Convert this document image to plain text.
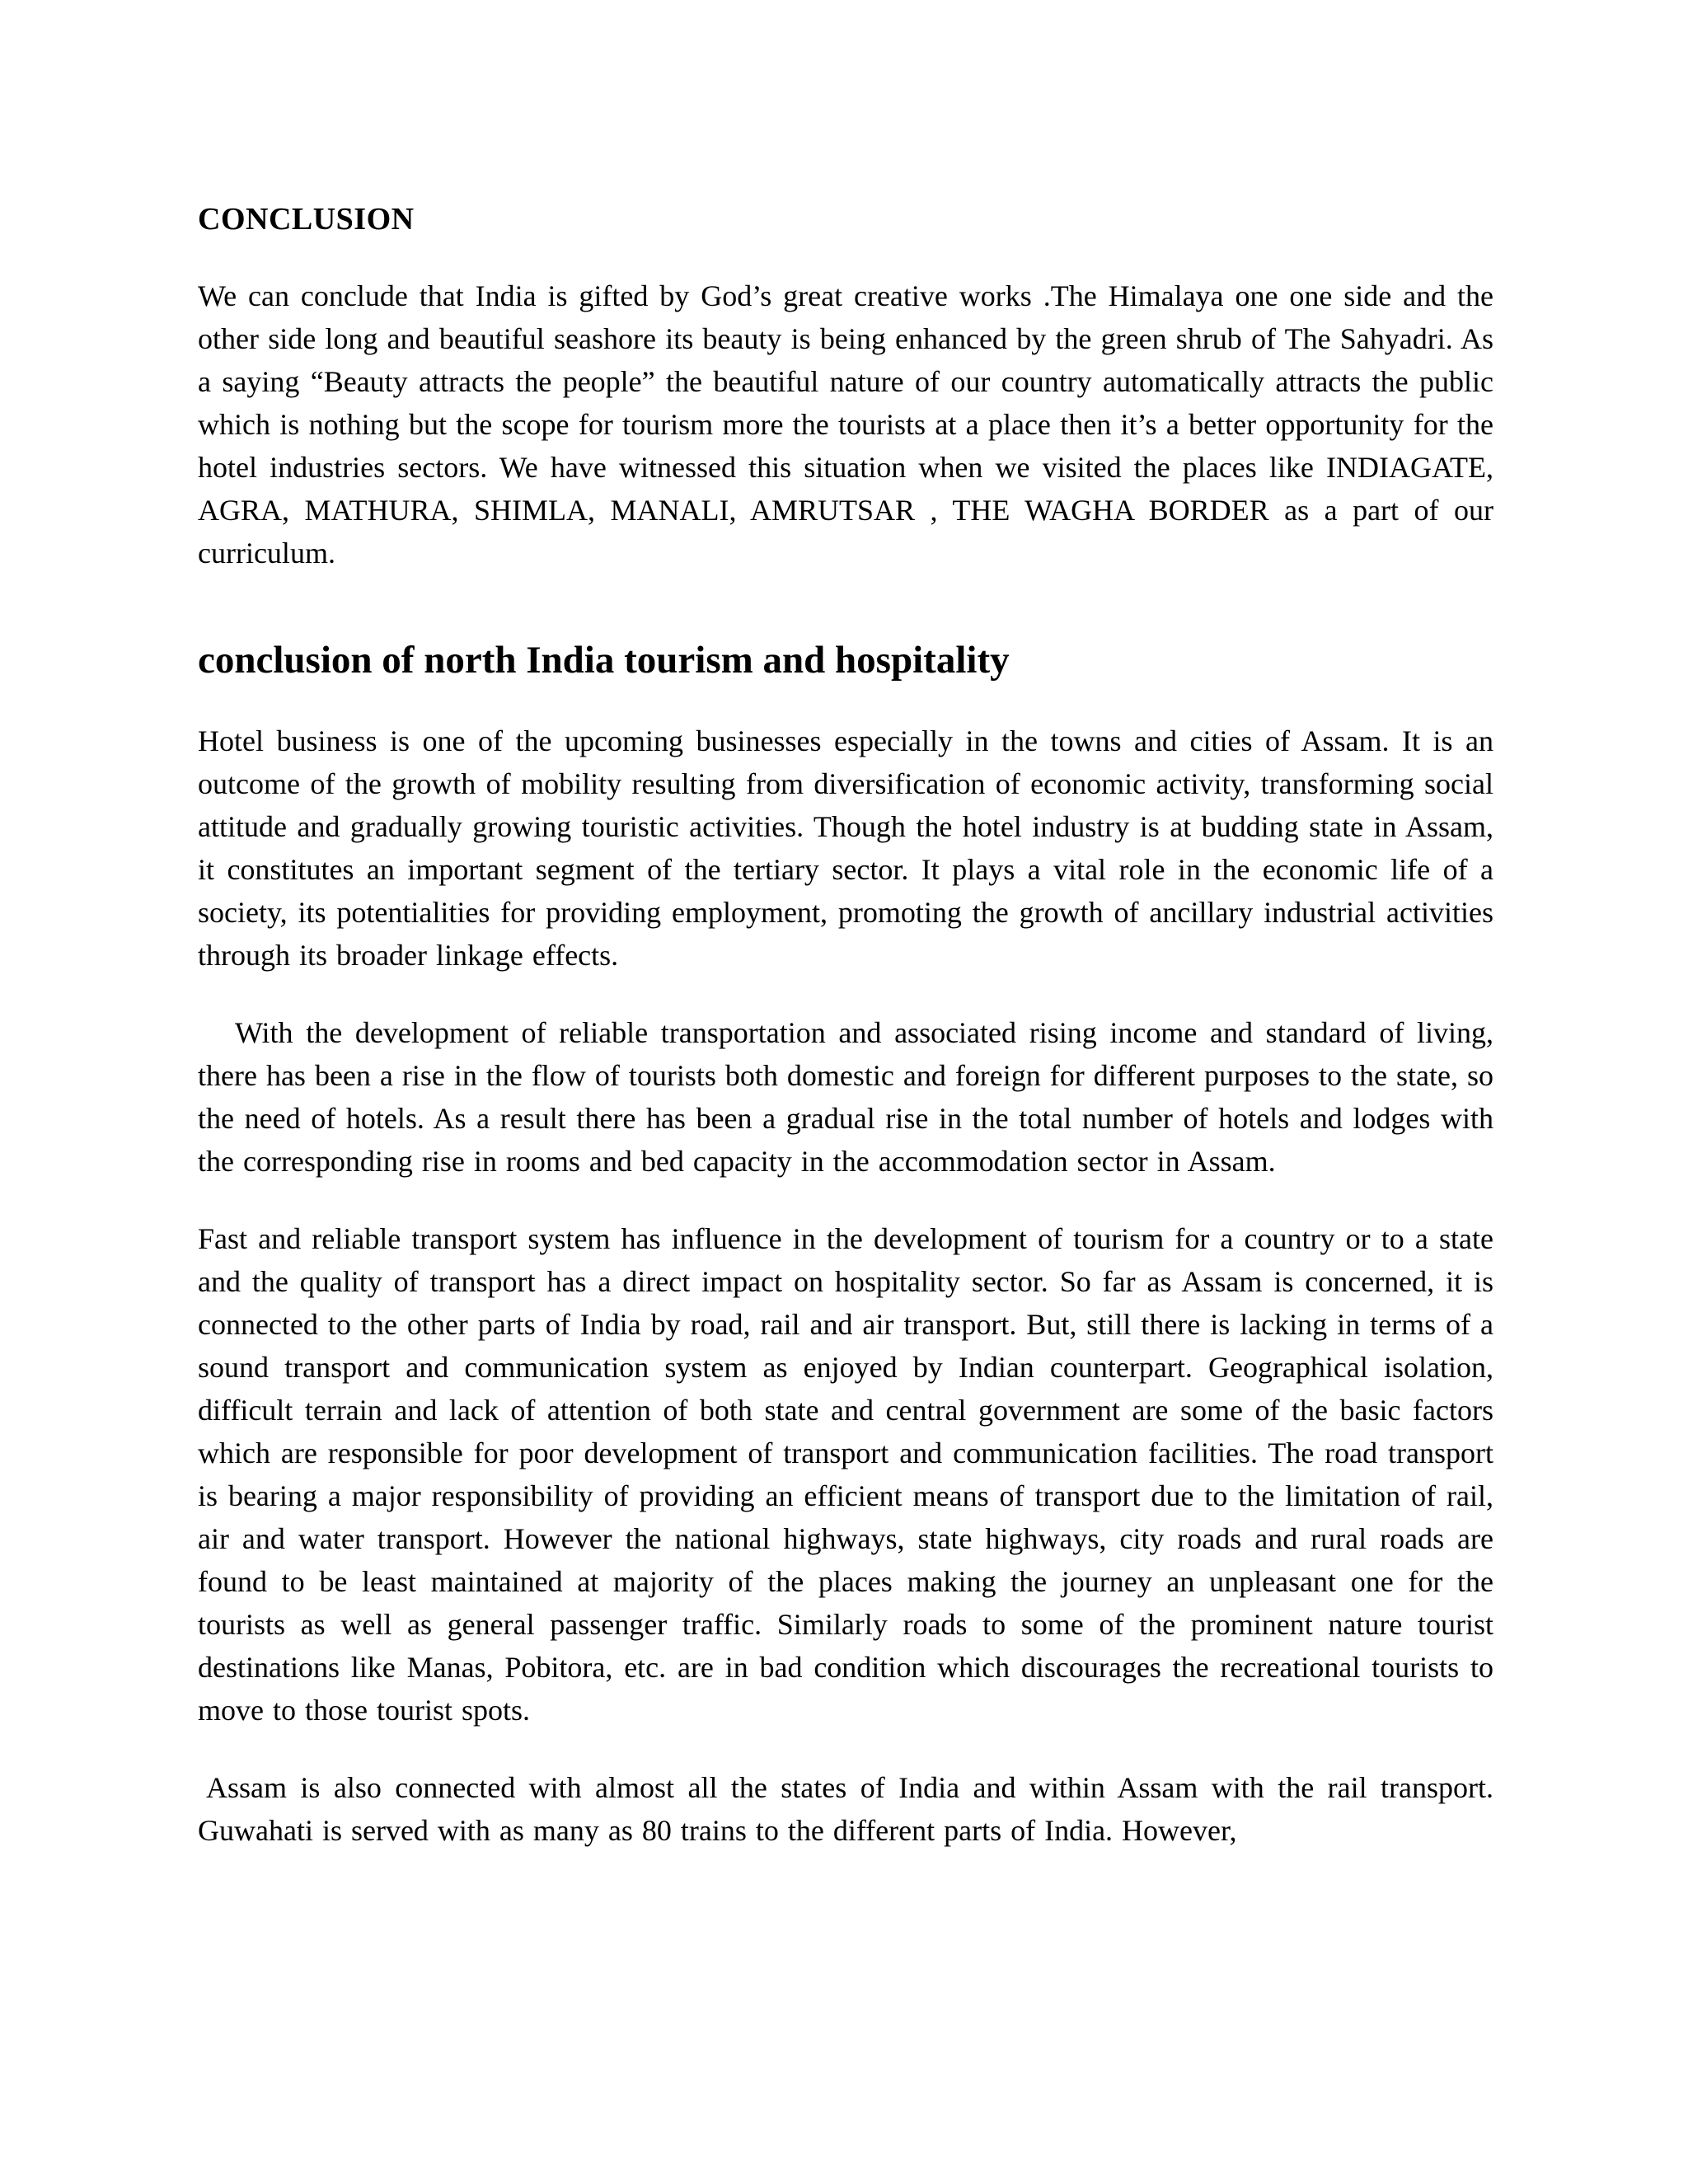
CONCLUSION

We can conclude that India is gifted by God’s great creative works .The Himalaya one one side and the other side long and beautiful seashore its beauty is being enhanced by the green shrub of The Sahyadri. As a saying “Beauty attracts the people” the beautiful nature of our country automatically attracts the public which is nothing but the scope for tourism more the tourists at a place then it’s a better opportunity for the hotel industries sectors. We have witnessed this situation when we visited the places like INDIAGATE, AGRA, MATHURA, SHIMLA, MANALI, AMRUTSAR , THE WAGHA BORDER as a part of our curriculum.

conclusion of north India tourism and hospitality

Hotel business is one of the upcoming businesses especially in the towns and cities of Assam. It is an outcome of the growth of mobility resulting from diversification of economic activity, transforming social attitude and gradually growing touristic activities. Though the hotel industry is at budding state in Assam, it constitutes an important segment of the tertiary sector. It plays a vital role in the economic life of a society, its potentialities for providing employment, promoting the growth of ancillary industrial activities through its broader linkage effects.

With the development of reliable transportation and associated rising income and standard of living, there has been a rise in the flow of tourists both domestic and foreign for different purposes to the state, so the need of hotels. As a result there has been a gradual rise in the total number of hotels and lodges with the corresponding rise in rooms and bed capacity in the accommodation sector in Assam.

Fast and reliable transport system has influence in the development of tourism for a country or to a state and the quality of transport has a direct impact on hospitality sector. So far as Assam is concerned, it is connected to the other parts of India by road, rail and air transport. But, still there is lacking in terms of a sound transport and communication system as enjoyed by Indian counterpart. Geographical isolation, difficult terrain and lack of attention of both state and central government are some of the basic factors which are responsible for poor development of transport and communication facilities. The road transport is bearing a major responsibility of providing an efficient means of transport due to the limitation of rail, air and water transport. However the national highways, state highways, city roads and rural roads are found to be least maintained at majority of the places making the journey an unpleasant one for the tourists as well as general passenger traffic. Similarly roads to some of the prominent nature tourist destinations like Manas, Pobitora, etc. are in bad condition which discourages the recreational tourists to move to those tourist spots.

Assam is also connected with almost all the states of India and within Assam with the rail transport. Guwahati is served with as many as 80 trains to the different parts of India. However,
